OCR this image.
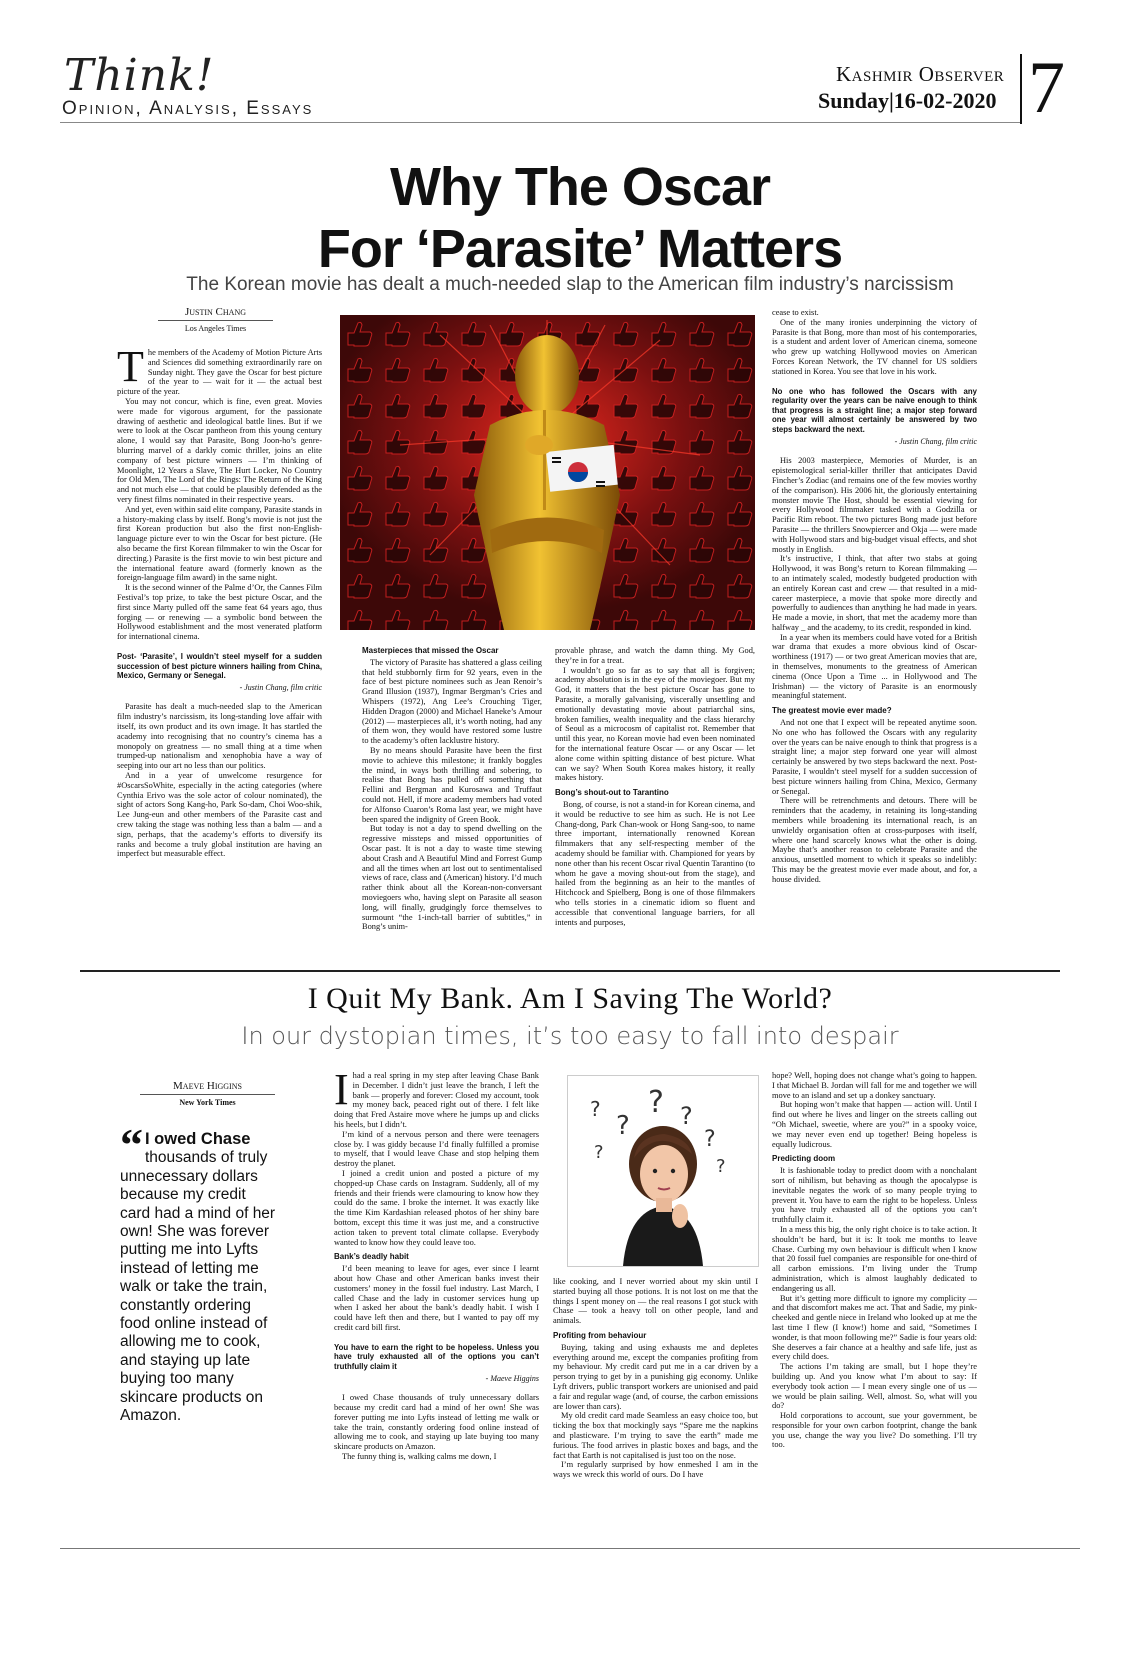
Think!
Opinion, Analysis, Essays
Kashmir Observer
Sunday|16-02-2020 7
Why The Oscar
For ‘Parasite’ Matters
The Korean movie has dealt a much-needed slap to the American film industry’s narcissism
Justin Chang
Los Angeles Times

The members of the Academy of Motion Picture Arts and Sciences did something extraordinarily rare on Sunday night. They gave the Oscar for best picture of the year to — wait for it — the actual best picture of the year.

You may not concur, which is fine, even great. Movies were made for vigorous argument, for the passionate drawing of aesthetic and ideological battle lines. But if we were to look at the Oscar pantheon from this young century alone, I would say that Parasite, Bong Joon-ho’s genre-blurring marvel of a darkly comic thriller, joins an elite company of best picture winners — I’m thinking of Moonlight, 12 Years a Slave, The Hurt Locker, No Country for Old Men, The Lord of the Rings: The Return of the King and not much else — that could be plausibly defended as the very finest films nominated in their respective years.

And yet, even within said elite company, Parasite stands in a history-making class by itself. Bong’s movie is not just the first Korean production but also the first non-English-language picture ever to win the Oscar for best picture. (He also became the first Korean filmmaker to win the Oscar for directing.) Parasite is the first movie to win best picture and the international feature award (formerly known as the foreign-language film award) in the same night.

It is the second winner of the Palme d’Or, the Cannes Film Festival’s top prize, to take the best picture Oscar, and the first since Marty pulled off the same feat 64 years ago, thus forging — or renewing — a symbolic bond between the Hollywood establishment and the most venerated platform for international cinema.

Post- ‘Parasite’, I wouldn’t steel myself for a sudden succession of best picture winners hailing from China, Mexico, Germany or Senegal.
- Justin Chang, film critic

Parasite has dealt a much-needed slap to the American film industry’s narcissism, its long-standing love affair with itself, its own product and its own image. It has startled the academy into recognising that no country’s cinema has a monopoly on greatness — no small thing at a time when trumped-up nationalism and xenophobia have a way of seeping into our art no less than our politics.

And in a year of unwelcome resurgence for #OscarsSoWhite, especially in the acting categories (where Cynthia Erivo was the sole actor of colour nominated), the sight of actors Song Kang-ho, Park So-dam, Choi Woo-shik, Lee Jung-eun and other members of the Parasite cast and crew taking the stage was nothing less than a balm — and a sign, perhaps, that the academy’s efforts to diversify its ranks and become a truly global institution are having an imperfect but measurable effect.

Masterpieces that missed the Oscar

The victory of Parasite has shattered a glass ceiling that held stubbornly firm for 92 years, even in the face of best picture nominees such as Jean Renoir’s Grand Illusion (1937), Ingmar Bergman’s Cries and Whispers (1972), Ang Lee’s Crouching Tiger, Hidden Dragon (2000) and Michael Haneke’s Amour (2012) — masterpieces all, it’s worth noting, had any of them won, they would have restored some lustre to the academy’s often lacklustre history.

By no means should Parasite have been the first movie to achieve this milestone; it frankly boggles the mind, in ways both thrilling and sobering, to realise that Bong has pulled off something that Fellini and Bergman and Kurosawa and Truffaut could not. Hell, if more academy members had voted for Alfonso Cuaron’s Roma last year, we might have been spared the indignity of Green Book.

But today is not a day to spend dwelling on the regressive missteps and missed opportunities of Oscar past. It is not a day to waste time stewing about Crash and A Beautiful Mind and Forrest Gump and all the times when art lost out to sentimentalised views of race, class and (American) history. I’d much rather think about all the Korean-non-conversant moviegoers who, having slept on Parasite all season long, will finally, grudgingly force themselves to surmount “the 1-inch-tall barrier of subtitles,” in Bong’s unim-

provable phrase, and watch the damn thing. My God, they’re in for a treat.

I wouldn’t go so far as to say that all is forgiven; academy absolution is in the eye of the moviegoer. But my God, it matters that the best picture Oscar has gone to Parasite, a morally galvanising, viscerally unsettling and emotionally devastating movie about patriarchal sins, broken families, wealth inequality and the class hierarchy of Seoul as a microcosm of capitalist rot. Remember that until this year, no Korean movie had even been nominated for the international feature Oscar — or any Oscar — let alone come within spitting distance of best picture. What can we say? When South Korea makes history, it really makes history.

Bong’s shout-out to Tarantino

Bong, of course, is not a stand-in for Korean cinema, and it would be reductive to see him as such. He is not Lee Chang-dong, Park Chan-wook or Hong Sang-soo, to name three important, internationally renowned Korean filmmakers that any self-respecting member of the academy should be familiar with. Championed for years by none other than his recent Oscar rival Quentin Tarantino (to whom he gave a moving shout-out from the stage), and hailed from the beginning as an heir to the mantles of Hitchcock and Spielberg, Bong is one of those filmmakers who tells stories in a cinematic idiom so fluent and accessible that conventional language barriers, for all intents and purposes,

cease to exist.

One of the many ironies underpinning the victory of Parasite is that Bong, more than most of his contemporaries, is a student and ardent lover of American cinema, someone who grew up watching Hollywood movies on American Forces Korean Network, the TV channel for US soldiers stationed in Korea. You see that love in his work.

No one who has followed the Oscars with any regularity over the years can be naive enough to think that progress is a straight line; a major step forward one year will almost certainly be answered by two steps backward the next.
- Justin Chang, film critic

His 2003 masterpiece, Memories of Murder, is an epistemological serial-killer thriller that anticipates David Fincher’s Zodiac (and remains one of the few movies worthy of the comparison). His 2006 hit, the gloriously entertaining monster movie The Host, should be essential viewing for every Hollywood filmmaker tasked with a Godzilla or Pacific Rim reboot. The two pictures Bong made just before Parasite — the thrillers Snowpiercer and Okja — were made with Hollywood stars and big-budget visual effects, and shot mostly in English.

It’s instructive, I think, that after two stabs at going Hollywood, it was Bong’s return to Korean filmmaking — to an intimately scaled, modestly budgeted production with an entirely Korean cast and crew — that resulted in a mid-career masterpiece, a movie that spoke more directly and powerfully to audiences than anything he had made in years. He made a movie, in short, that met the academy more than halfway _ and the academy, to its credit, responded in kind.

In a year when its members could have voted for a British war drama that exudes a more obvious kind of Oscar-worthiness (1917) — or two great American movies that are, in themselves, monuments to the greatness of American cinema (Once Upon a Time ... in Hollywood and The Irishman) — the victory of Parasite is an enormously meaningful statement.

The greatest movie ever made?

And not one that I expect will be repeated anytime soon. No one who has followed the Oscars with any regularity over the years can be naive enough to think that progress is a straight line; a major step forward one year will almost certainly be answered by two steps backward the next. Post-Parasite, I wouldn’t steel myself for a sudden succession of best picture winners hailing from China, Mexico, Germany or Senegal.

There will be retrenchments and detours. There will be reminders that the academy, in retaining its long-standing members while broadening its international reach, is an unwieldy organisation often at cross-purposes with itself, where one hand scarcely knows what the other is doing. Maybe that’s another reason to celebrate Parasite and the anxious, unsettled moment to which it speaks so indelibly: This may be the greatest movie ever made about, and for, a house divided.

I Quit My Bank. Am I Saving The World?
In our dystopian times, it’s too easy to fall into despair
Maeve Higgins
New York Times
“ I owed Chase thousands of truly unnecessary dollars because my credit card had a mind of her own! She was forever putting me into Lyfts instead of letting me walk or take the train, constantly ordering food online instead of allowing me to cook, and staying up late buying too many skincare products on Amazon.

Ihad a real spring in my step after leaving Chase Bank in December. I didn’t just leave the branch, I left the bank — properly and forever: Closed my account, took my money back, peaced right out of there. I felt like doing that Fred Astaire move where he jumps up and clicks his heels, but I didn’t.

I’m kind of a nervous person and there were teenagers close by. I was giddy because I’d finally fulfilled a promise to myself, that I would leave Chase and stop helping them destroy the planet.

I joined a credit union and posted a picture of my chopped-up Chase cards on Instagram. Suddenly, all of my friends and their friends were clamouring to know how they could do the same. I broke the internet. It was exactly like the time Kim Kardashian released photos of her shiny bare bottom, except this time it was just me, and a constructive action taken to prevent total climate collapse. Everybody wanted to know how they could leave too.

Bank’s deadly habit

I’d been meaning to leave for ages, ever since I learnt about how Chase and other American banks invest their customers’ money in the fossil fuel industry. Last March, I called Chase and the lady in customer services hung up when I asked her about the bank’s deadly habit. I wish I could have left then and there, but I wanted to pay off my credit card bill first.

You have to earn the right to be hopeless. Unless you have truly exhausted all of the options you can’t truthfully claim it
- Maeve Higgins

I owed Chase thousands of truly unnecessary dollars because my credit card had a mind of her own! She was forever putting me into Lyfts instead of letting me walk or take the train, constantly ordering food online instead of allowing me to cook, and staying up late buying too many skincare products on Amazon.

The funny thing is, walking calms me down, I

?
?
? ?
?
?
?

like cooking, and I never worried about my skin until I started buying all those potions. It is not lost on me that the things I spent money on — the real reasons I got stuck with Chase — took a heavy toll on other people, land and animals.

Profiting from behaviour

Buying, taking and using exhausts me and depletes everything around me, except the companies profiting from my behaviour. My credit card put me in a car driven by a person trying to get by in a punishing gig economy. Unlike Lyft drivers, public transport workers are unionised and paid a fair and regular wage (and, of course, the carbon emissions are lower than cars).

My old credit card made Seamless an easy choice too, but ticking the box that mockingly says “Spare me the napkins and plasticware. I’m trying to save the earth” made me furious. The food arrives in plastic boxes and bags, and the fact that Earth is not capitalised is just too on the nose.

I’m regularly surprised by how enmeshed I am in the ways we wreck this world of ours. Do I have

hope? Well, hoping does not change what’s going to happen. I that Michael B. Jordan will fall for me and together we will move to an island and set up a donkey sanctuary.

But hoping won’t make that happen — action will. Until I find out where he lives and linger on the streets calling out “Oh Michael, sweetie, where are you?” in a spooky voice, we may never even end up together! Being hopeless is equally ludicrous.

Predicting doom

It is fashionable today to predict doom with a nonchalant sort of nihilism, but behaving as though the apocalypse is inevitable negates the work of so many people trying to prevent it. You have to earn the right to be hopeless. Unless you have truly exhausted all of the options you can’t truthfully claim it.

In a mess this big, the only right choice is to take action. It shouldn’t be hard, but it is: It took me months to leave Chase. Curbing my own behaviour is difficult when I know that 20 fossil fuel companies are responsible for one-third of all carbon emissions. I’m living under the Trump administration, which is almost laughably dedicated to endangering us all.

But it’s getting more difficult to ignore my complicity — and that discomfort makes me act. That and Sadie, my pink-cheeked and gentle niece in Ireland who looked up at me the last time I flew (I know!) home and said, “Sometimes I wonder, is that moon following me?” Sadie is four years old: She deserves a fair chance at a healthy and safe life, just as every child does.

The actions I’m taking are small, but I hope they’re building up. And you know what I’m about to say: If everybody took action — I mean every single one of us — we would be plain sailing. Well, almost. So, what will you do?

Hold corporations to account, sue your government, be responsible for your own carbon footprint, change the bank you use, change the way you live? Do something. I’ll try too.
